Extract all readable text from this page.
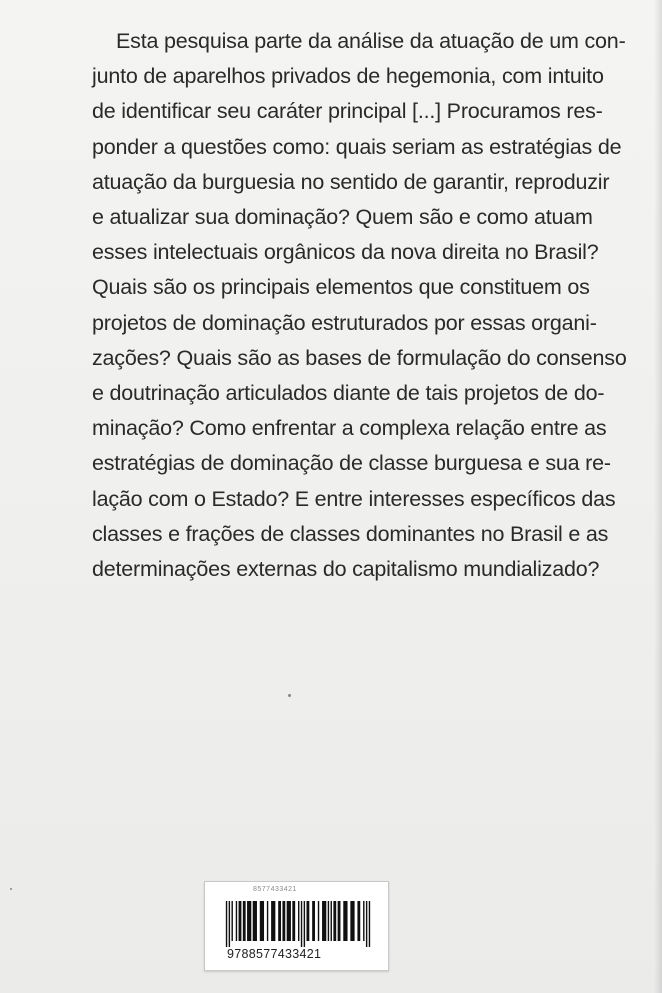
Esta pesquisa parte da análise da atuação de um con-
junto de aparelhos privados de hegemonia, com intuito
de identificar seu caráter principal [...] Procuramos res-
ponder a questões como: quais seriam as estratégias de
atuação da burguesia no sentido de garantir, reproduzir
e atualizar sua dominação? Quem são e como atuam
esses intelectuais orgânicos da nova direita no Brasil?
Quais são os principais elementos que constituem os
projetos de dominação estruturados por essas organi-
zações? Quais são as bases de formulação do consenso
e doutrinação articulados diante de tais projetos de do-
minação? Como enfrentar a complexa relação entre as
estratégias de dominação de classe burguesa e sua re-
lação com o Estado? E entre interesses específicos das
classes e frações de classes dominantes no Brasil e as
determinações externas do capitalismo mundializado?
8577433421
9788577433421
